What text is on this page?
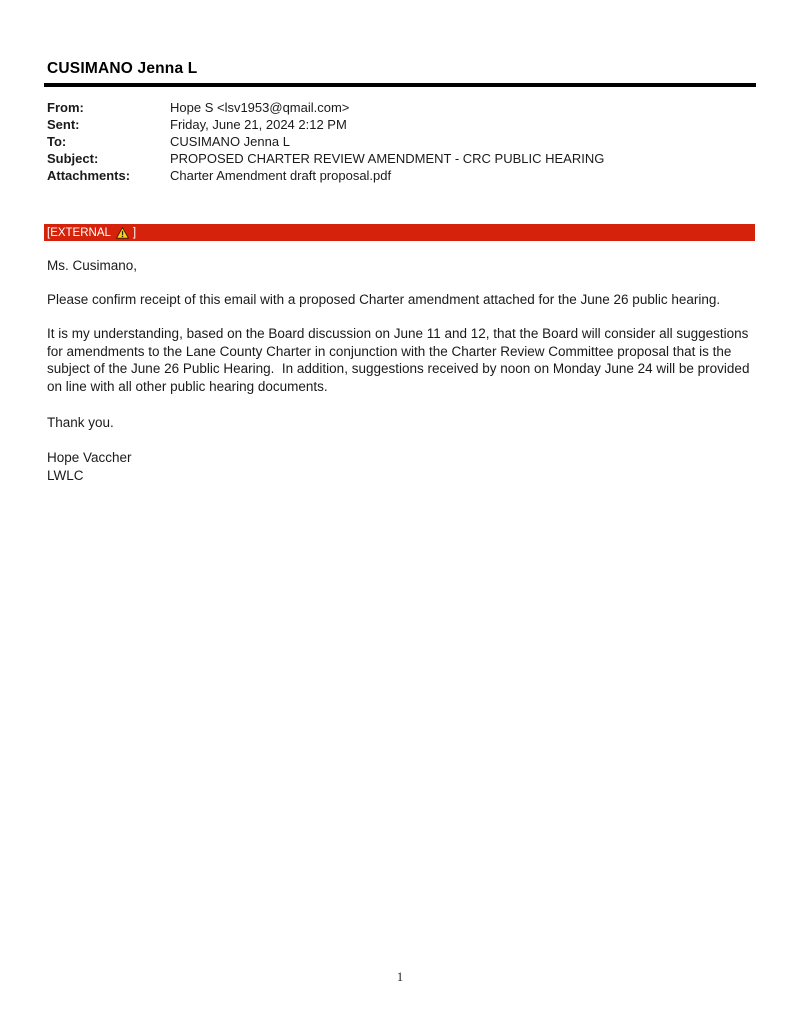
CUSIMANO Jenna L
From:	Hope S <lsv1953@qmail.com>
Sent:	Friday, June 21, 2024 2:12 PM
To:	CUSIMANO Jenna L
Subject:	PROPOSED CHARTER REVIEW AMENDMENT - CRC PUBLIC HEARING
Attachments:	Charter Amendment draft proposal.pdf
[EXTERNAL ]
Ms. Cusimano,
Please confirm receipt of this email with a proposed Charter amendment attached for the June 26 public hearing.
It is my understanding, based on the Board discussion on June 11 and 12, that the Board will consider all suggestions for amendments to the Lane County Charter in conjunction with the Charter Review Committee proposal that is the subject of the June 26 Public Hearing.  In addition, suggestions received by noon on Monday June 24 will be provided on line with all other public hearing documents.
Thank you.
Hope Vaccher
LWLC
1
